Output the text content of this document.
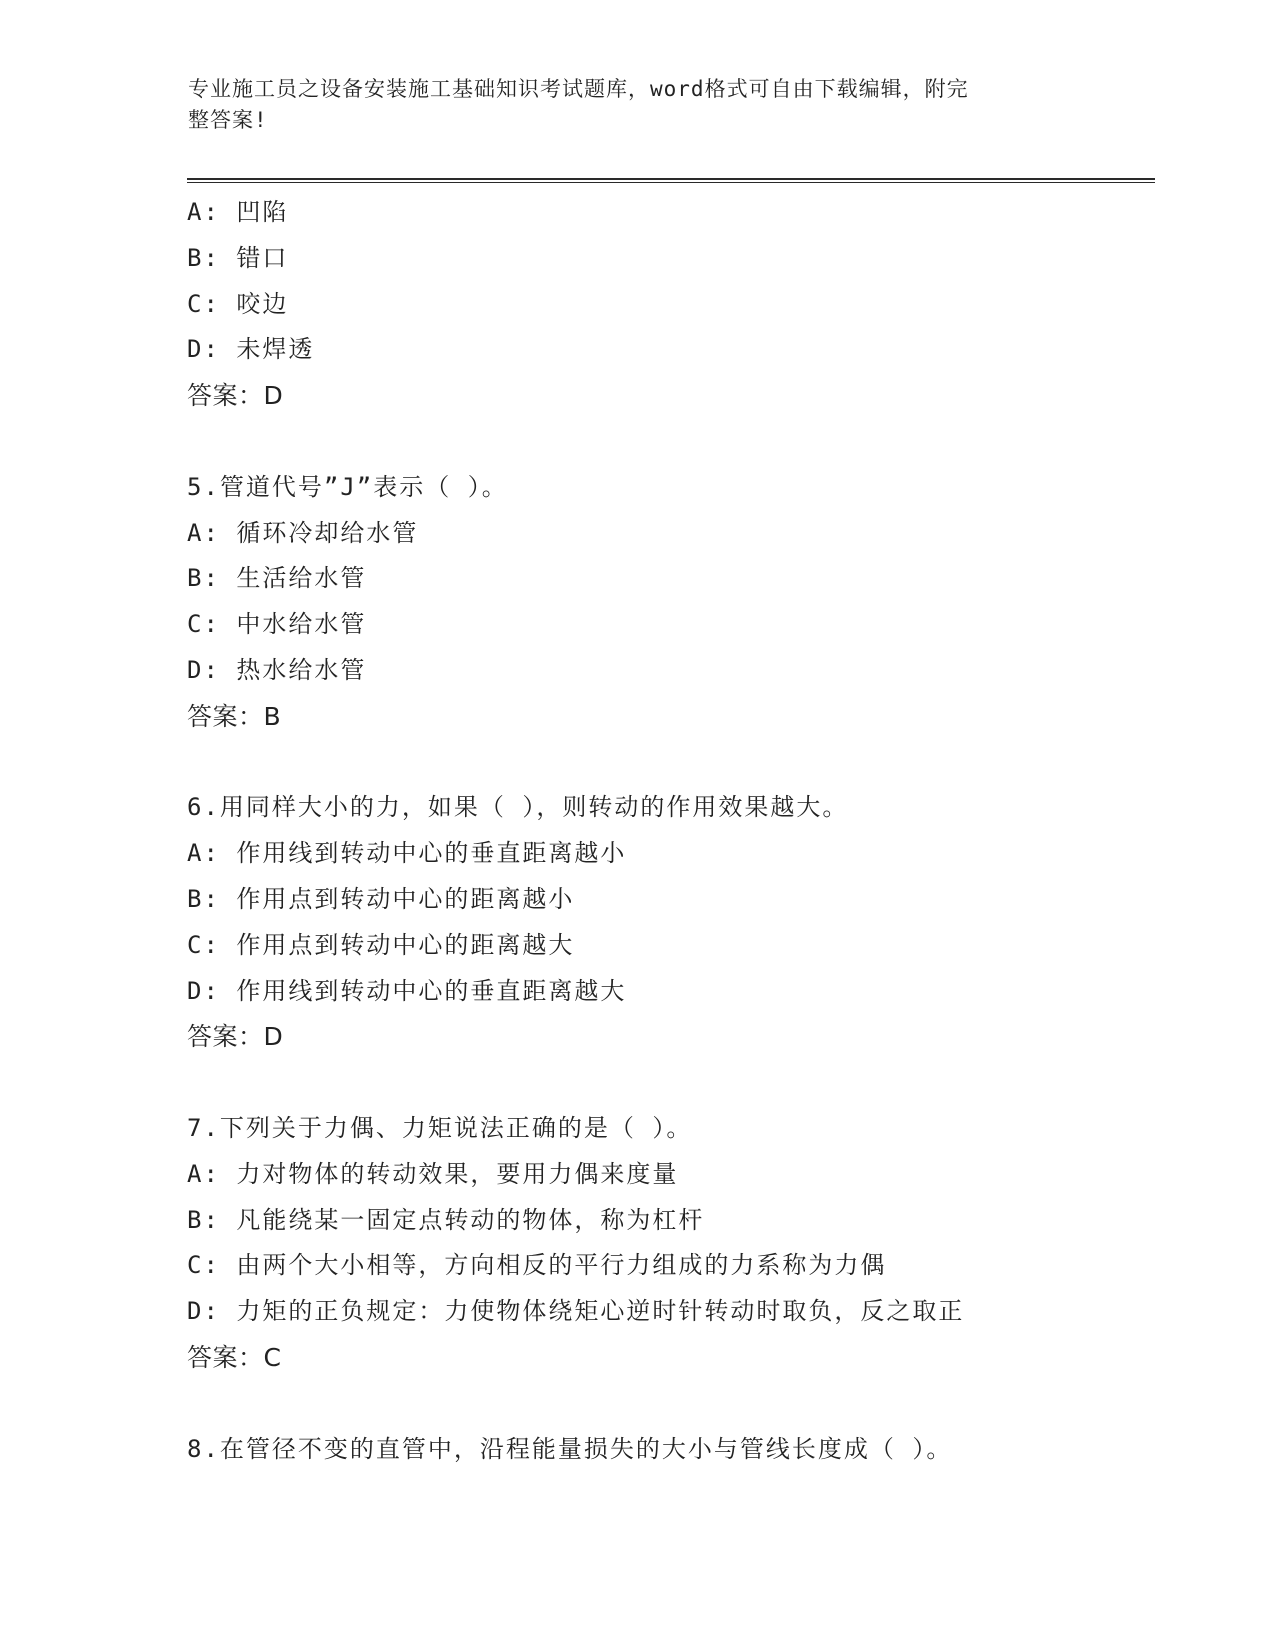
专业施工员之设备安装施工基础知识考试题库，word格式可自由下载编辑，附完
整答案!
A: 凹陷
B: 错口
C: 咬边
D: 未焊透
答案：D
5.管道代号”J”表示（ ）。
A: 循环冷却给水管
B: 生活给水管
C: 中水给水管
D: 热水给水管
答案：B
6.用同样大小的力，如果（ ），则转动的作用效果越大。
A: 作用线到转动中心的垂直距离越小
B: 作用点到转动中心的距离越小
C: 作用点到转动中心的距离越大
D: 作用线到转动中心的垂直距离越大
答案：D
7.下列关于力偶、力矩说法正确的是（ ）。
A: 力对物体的转动效果，要用力偶来度量
B: 凡能绕某一固定点转动的物体，称为杠杆
C: 由两个大小相等，方向相反的平行力组成的力系称为力偶
D: 力矩的正负规定：力使物体绕矩心逆时针转动时取负，反之取正
答案：C
8.在管径不变的直管中，沿程能量损失的大小与管线长度成（ ）。
